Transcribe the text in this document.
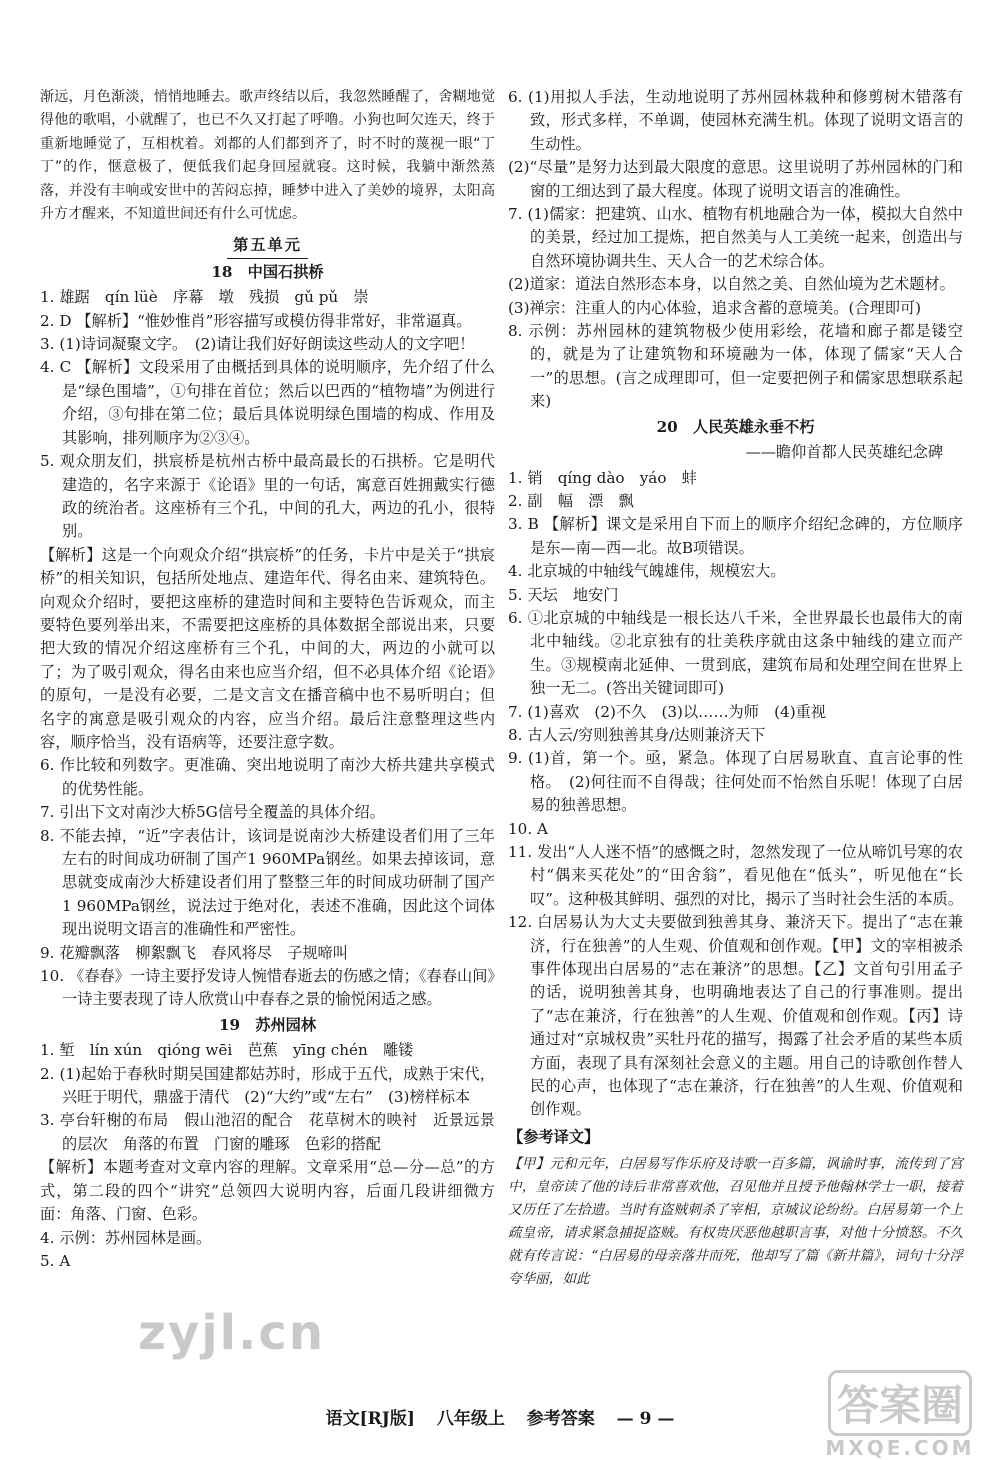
渐远，月色渐淡，悄悄地睡去。歌声终结以后，我忽然睡醒了，舍糊地觉得他的歌唱，小就醒了，也已不久又打起了呼噜。小狗也呵欠连天，终于重新地睡觉了，互相枕着。刘都的人们都到齐了，时不时的蔑视一眼“丁丁”的作，惬意极了，便低我们起身回屋就寝。这时候，我躺中渐然蒸落，并没有丰响或安世中的苦闷忘掉，睡梦中进入了美妙的境界，太阳高升方才醒来，不知道世间还有什么可忧虑。

第五单元
18　中国石拱桥

1. 雄踞　qín lüè　序幕　墩　残损　gǔ pǔ　崇

2. D 【解析】“惟妙惟肖”形容描写或模仿得非常好，非常逼真。

3. (1)诗词凝聚文字。　(2)请让我们好好朗读这些动人的文字吧！

4. C 【解析】文段采用了由概括到具体的说明顺序，先介绍了什么是“绿色围墙”，①句排在首位；然后以巴西的“植物墙”为例进行介绍，③句排在第二位；最后具体说明绿色围墙的构成、作用及其影响，排列顺序为②③④。

5. 观众朋友们，拱宸桥是杭州古桥中最高最长的石拱桥。它是明代建造的，名字来源于《论语》里的一句话，寓意百姓拥戴实行德政的统治者。这座桥有三个孔，中间的孔大，两边的孔小，很特别。

【解析】这是一个向观众介绍“拱宸桥”的任务，卡片中是关于“拱宸桥”的相关知识，包括所处地点、建造年代、得名由来、建筑特色。向观众介绍时，要把这座桥的建造时间和主要特色告诉观众，而主要特色要列举出来，不需要把这座桥的具体数据全部说出来，只要把大致的情况介绍这座桥有三个孔，中间的大，两边的小就可以了；为了吸引观众，得名由来也应当介绍，但不必具体介绍《论语》的原句，一是没有必要，二是文言文在播音稿中也不易听明白；但名字的寓意是吸引观众的内容，应当介绍。最后注意整理这些内容，顺序恰当，没有语病等，还要注意字数。

6. 作比较和列数字。更准确、突出地说明了南沙大桥共建共享模式的优势性能。

7. 引出下文对南沙大桥5G信号全覆盖的具体介绍。

8. 不能去掉，“近”字表估计，该词是说南沙大桥建设者们用了三年左右的时间成功研制了国产1 960MPa钢丝。如果去掉该词，意思就变成南沙大桥建设者们用了整整三年的时间成功研制了国产1 960MPa钢丝，说法过于绝对化，表述不准确，因此这个词体现出说明文语言的准确性和严密性。

9. 花瓣飘落　柳絮飘飞　春风将尽　子规啼叫

10. 《春春》一诗主要抒发诗人惋惜春逝去的伤感之情；《春春山间》一诗主要表现了诗人欣赏山中春春之景的愉悦闲适之感。

19　苏州园林

1. 堑　lín xún　qióng wēi　芭蕉　yīng chén　雕镂

2. (1)起始于春秋时期吴国建都姑苏时，形成于五代，成熟于宋代，兴旺于明代，鼎盛于清代　(2)“大约”或“左右”　(3)榜样标本

3. 亭台轩榭的布局　假山池沼的配合　花草树木的映衬　近景远景的层次　角落的布置　门窗的雕琢　色彩的搭配

【解析】本题考查对文章内容的理解。文章采用“总—分—总”的方式，第二段的四个“讲究”总领四大说明内容，后面几段讲细微方面：角落、门窗、色彩。

4. 示例：苏州园林是画。

5. A

6. (1)用拟人手法，生动地说明了苏州园林栽种和修剪树木错落有致，形式多样，不单调，使园林充满生机。体现了说明文语言的生动性。

(2)“尽量”是努力达到最大限度的意思。这里说明了苏州园林的门和窗的工细达到了最大程度。体现了说明文语言的准确性。

7. (1)儒家：把建筑、山水、植物有机地融合为一体，模拟大自然中的美景，经过加工提炼，把自然美与人工美统一起来，创造出与自然环境协调共生、天人合一的艺术综合体。

(2)道家：道法自然形态本身，以自然之美、自然仙境为艺术题材。

(3)禅宗：注重人的内心体验，追求含蓄的意境美。(合理即可)

8. 示例：苏州园林的建筑物极少使用彩绘，花墙和廊子都是镂空的，就是为了让建筑物和环境融为一体，体现了儒家“天人合一”的思想。(言之成理即可，但一定要把例子和儒家思想联系起来)

20　人民英雄永垂不朽
——瞻仰首都人民英雄纪念碑

1. 销　qíng dào　yáo　蚌

2. 副　幅　漂　飘

3. B 【解析】课文是采用自下而上的顺序介绍纪念碑的，方位顺序是东—南—西—北。故B项错误。

4. 北京城的中轴线气魄雄伟，规模宏大。

5. 天坛　地安门

6. ①北京城的中轴线是一根长达八千米，全世界最长也最伟大的南北中轴线。②北京独有的壮美秩序就由这条中轴线的建立而产生。③规模南北延伸、一贯到底，建筑布局和处理空间在世界上独一无二。(答出关键词即可)

7. (1)喜欢　(2)不久　(3)以……为师　(4)重视

8. 古人云/穷则独善其身/达则兼济天下

9. (1)首，第一个。亟，紧急。体现了白居易耿直、直言论事的性格。　(2)何往而不自得哉；往何处而不怡然自乐呢！体现了白居易的独善思想。

10. A

11. 发出“人人迷不悟”的感慨之时，忽然发现了一位从啼饥号寒的农村“偶来买花处”的“田舍翁”，看见他在“低头”，听见他在“长叹”。这种极其鲜明、强烈的对比，揭示了当时社会生活的本质。

12. 白居易认为大丈夫要做到独善其身、兼济天下。提出了“志在兼济，行在独善”的人生观、价值观和创作观。【甲】文的宰相被杀事件体现出白居易的“志在兼济”的思想。【乙】文首句引用孟子的话，说明独善其身，也明确地表达了自己的行事准则。提出了“志在兼济，行在独善”的人生观、价值观和创作观。【丙】诗通过对“京城权贵”买牡丹花的描写，揭露了社会矛盾的某些本质方面，表现了具有深刻社会意义的主题。用自己的诗歌创作替人民的心声，也体现了“志在兼济，行在独善”的人生观、价值观和创作观。

【参考译文】

【甲】元和元年，白居易写作乐府及诗歌一百多篇，讽谕时事，流传到了宫中，皇帝读了他的诗后非常喜欢他，召见他并且授予他翰林学士一职，接着又历任了左拾遗。当时有盗贼刺杀了宰相，京城议论纷纷。白居易第一个上疏皇帝，请求紧急捕捉盗贼。有权贵厌恶他越职言事，对他十分愤怒。不久就有传言说：“白居易的母亲落井而死，他却写了篇《新井篇》，词句十分浮夸华丽，如此

语文[RJ版] 八年级上 参考答案 — 9 —
zyjl.cn
答案圈
MXQE.COM
